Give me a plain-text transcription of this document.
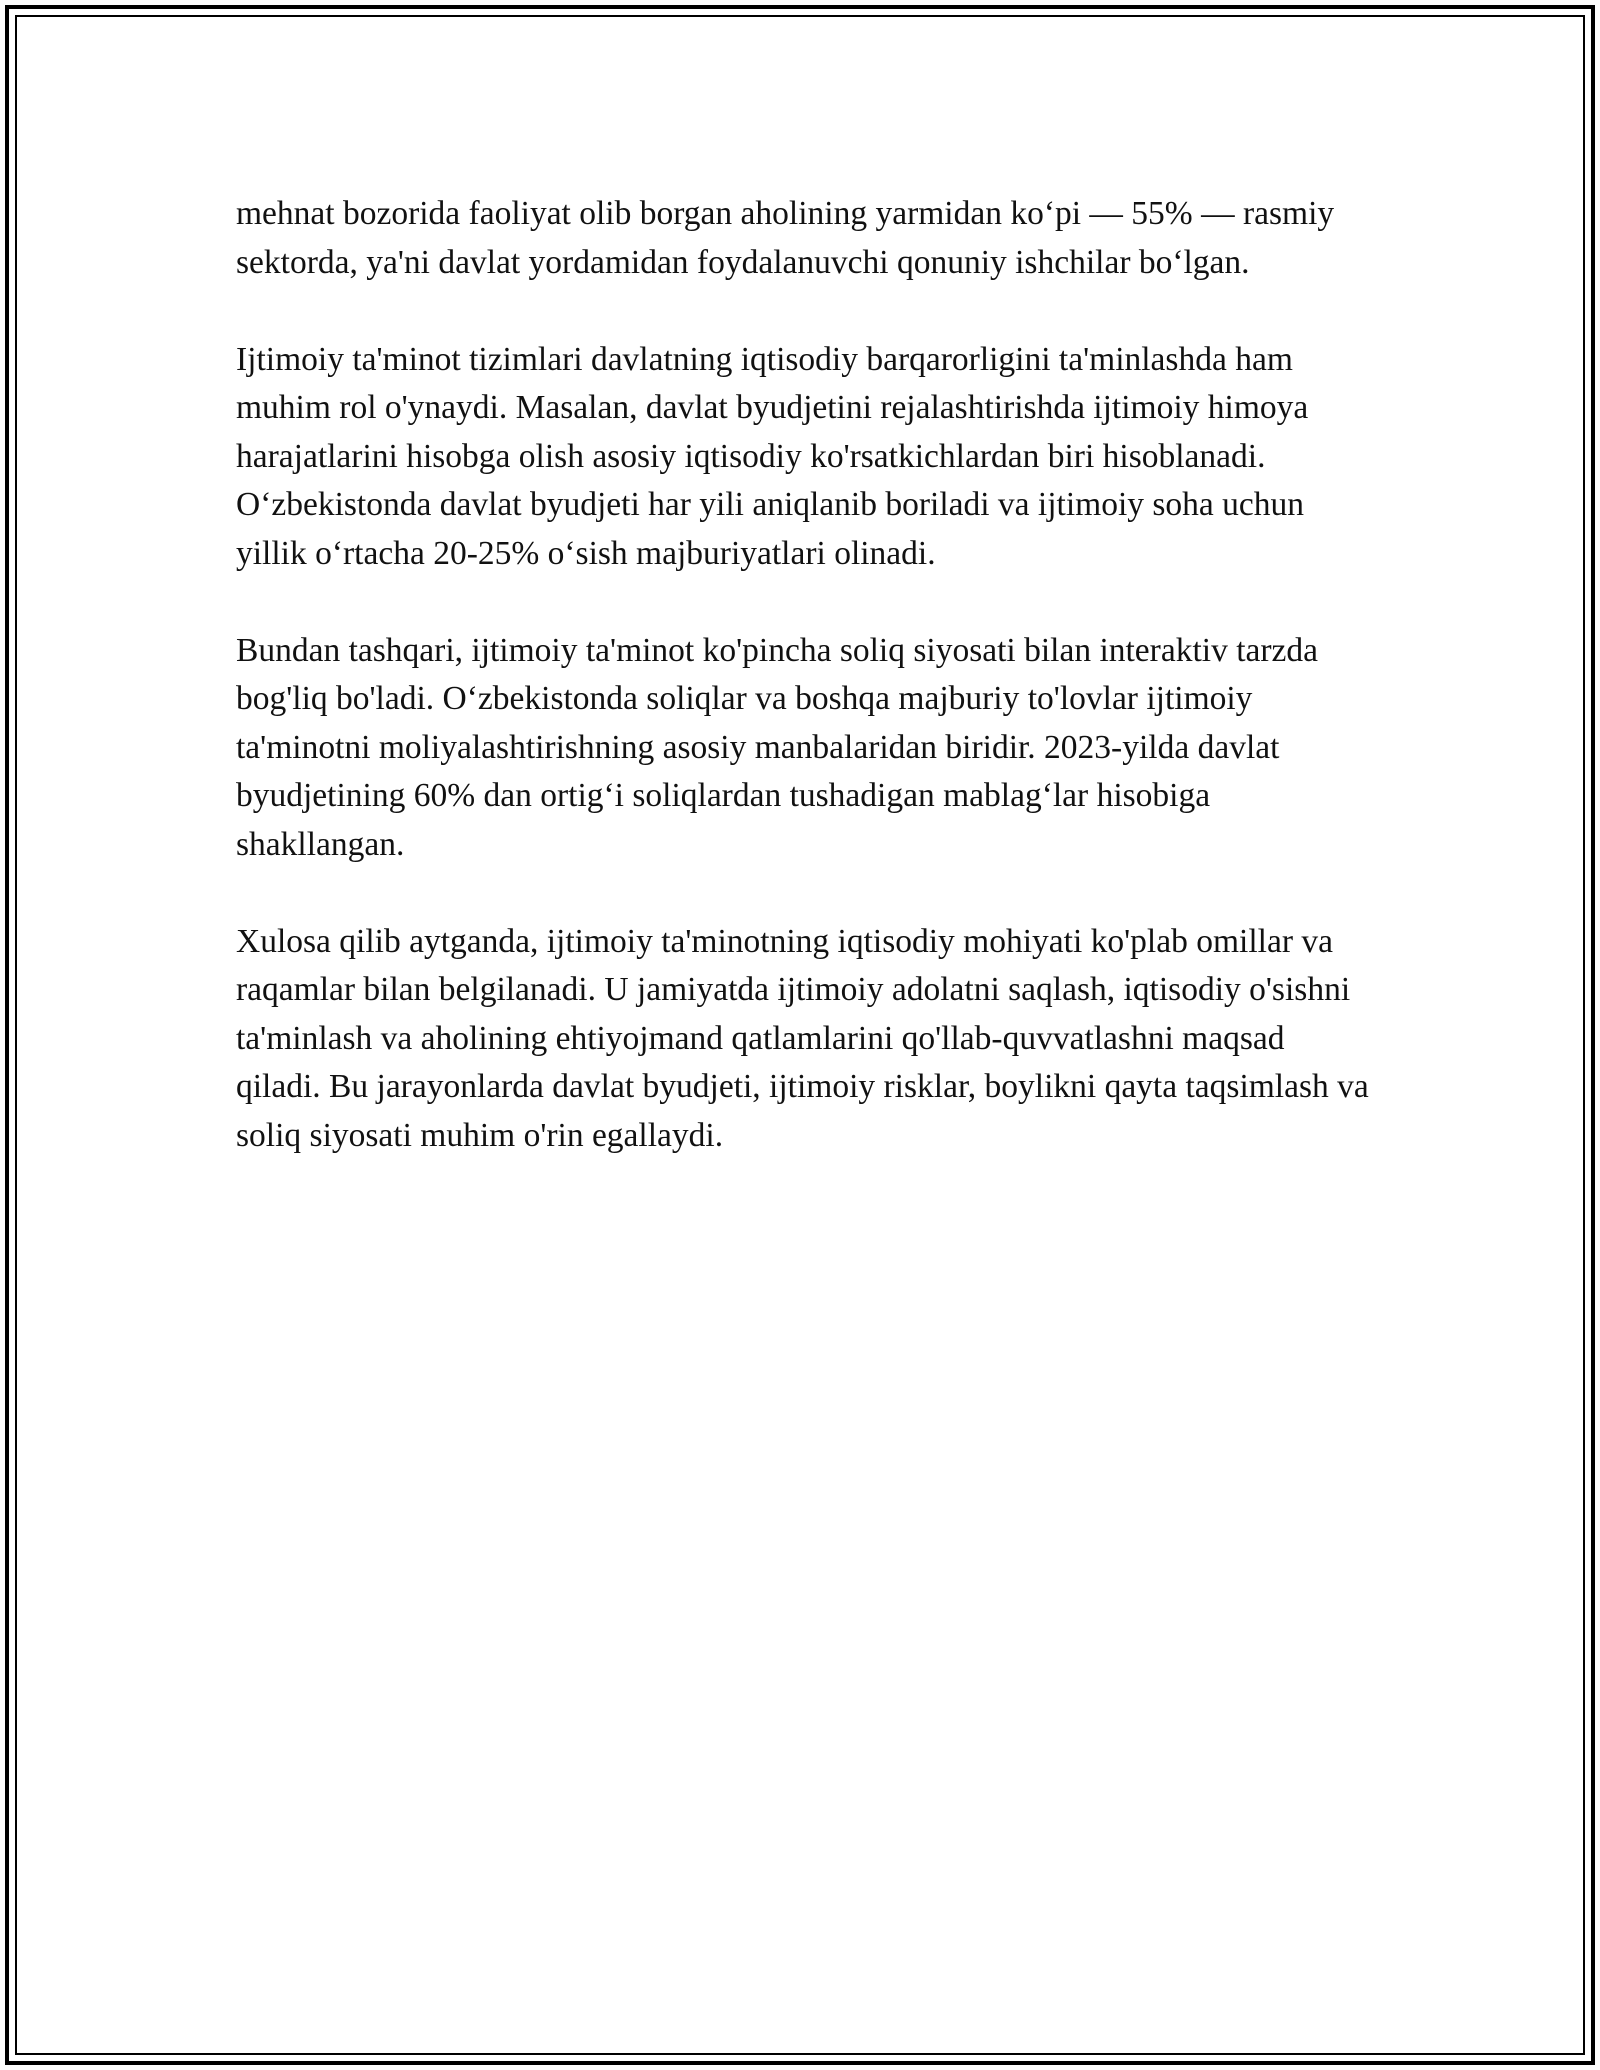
mehnat bozorida faoliyat olib borgan aholining yarmidan koʻpi — 55% — rasmiy sektorda, ya'ni davlat yordamidan foydalanuvchi qonuniy ishchilar boʻlgan.

Ijtimoiy ta'minot tizimlari davlatning iqtisodiy barqarorligini ta'minlashda ham muhim rol o'ynaydi. Masalan, davlat byudjetini rejalashtirishda ijtimoiy himoya harajatlarini hisobga olish asosiy iqtisodiy ko'rsatkichlardan biri hisoblanadi. Oʻzbekistonda davlat byudjeti har yili aniqlanib boriladi va ijtimoiy soha uchun yillik oʻrtacha 20-25% oʻsish majburiyatlari olinadi.

Bundan tashqari, ijtimoiy ta'minot ko'pincha soliq siyosati bilan interaktiv tarzda bog'liq bo'ladi. Oʻzbekistonda soliqlar va boshqa majburiy to'lovlar ijtimoiy ta'minotni moliyalashtirishning asosiy manbalaridan biridir. 2023-yilda davlat byudjetining 60% dan ortigʻi soliqlardan tushadigan mablagʻlar hisobiga shakllangan.

Xulosa qilib aytganda, ijtimoiy ta'minotning iqtisodiy mohiyati ko'plab omillar va raqamlar bilan belgilanadi. U jamiyatda ijtimoiy adolatni saqlash, iqtisodiy o'sishni ta'minlash va aholining ehtiyojmand qatlamlarini qo'llab-quvvatlashni maqsad qiladi. Bu jarayonlarda davlat byudjeti, ijtimoiy risklar, boylikni qayta taqsimlash va soliq siyosati muhim o'rin egallaydi.
